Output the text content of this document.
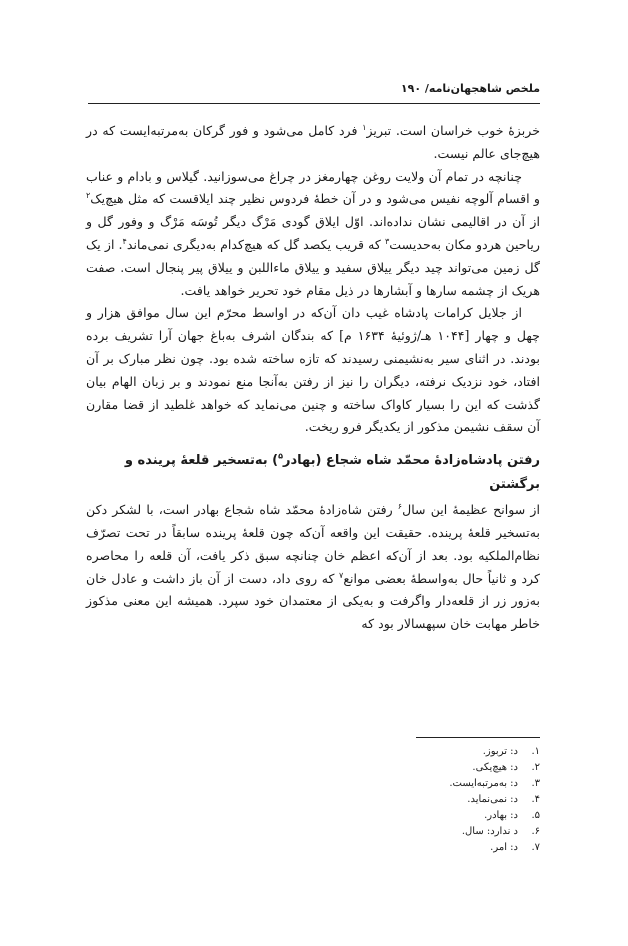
ملخص شاهجهان‌نامه/ ۱۹۰

خربزهٔ خوب خراسان است. تبریز$^۱$ فرد کامل می‌شود و فور گرکان به‌مرتبه‌ایست که در هیچ‌جای عالم نیست.

چنانچه در تمام آن ولایت روغن چهارمغز در چراغ می‌سوزانید. گیلاس و بادام و عناب و اقسام آلوچه نفیس می‌شود و در آن خطهٔ فردوس نظیر چند ایلاقست که مثل هیچ‌یک$^۲$ از آن در اقالیمی نشان نداده‌اند. اوّل ایلاق گودی مَرْگ‌ دیگر تُوسَه مَرْگ و وفور گل و ریاحین هردو مکان به‌حدیست$^۳$ که قریب یکصد گل که هیچ‌کدام به‌دیگری نمی‌ماند$^۴$. از یک گل زمین می‌تواند چید دیگر ییلاق سفید و ییلاق ماءاللبن و ییلاق پیر پنجال است. صفت هریک از چشمه سارها و آبشارها در ذیل مقام خود تحریر خواهد یافت.

از جلایل کرامات پادشاه غیب دان آن‌که در اواسط محرّم این سال موافق هزار و چهل و چهار [۱۰۴۴ هـ/ژوئیهٔ ۱۶۳۴ م] که بندگان اشرف به‌باغ جهان آرا تشریف برده بودند. در اثنای سیر به‌نشیمنی رسیدند که تازه ساخته شده بود. چون نظر مبارک بر آن افتاد، خود نزدیک نرفته، دیگران را نیز از رفتن به‌آنجا منع نمودند و بر زبان الهام بیان گذشت که این را بسیار کاواک ساخته و چنین می‌نماید که خواهد غلطید از قضا مقارن آن سقف نشیمن مذکور از یکدیگر فرو ریخت.

رفتن پادشاه‌زادهٔ محمّد شاه شجاع (بهادر$^۵$) به‌تسخیر قلعهٔ پرینده و برگشتن

از سوانح عظیمهٔ این سال$^۶$ رفتن شاه‌زادهٔ محمّد شاه شجاع بهادر است، با لشکر دکن به‌تسخیر قلعهٔ پرینده. حقیقت این واقعه آن‌که چون قلعهٔ پرینده سابقاً در تحت تصرّف نظام‌الملکیه بود. بعد از آن‌که اعظم خان چنانچه سبق ذکر یافت، آن قلعه را محاصره کرد و ثانیاً حال به‌واسطهٔ بعضی موانع$^۷$ که روی داد، دست از آن باز داشت و عادل خان به‌زور زر از قلعه‌دار واگرفت و به‌یکی از معتمدان خود سپرد. همیشه این معنی مذکوز خاطر مهابت خان سپهسالار بود که

۱.د: تربوز.
۲.د: هیچ‌یکی.
۳.د: به‌مرتبه‌ایست.
۴.د: نمی‌نماید.
۵.د: بهادر.
۶.د ندارد: سال.
۷.د: امر.
